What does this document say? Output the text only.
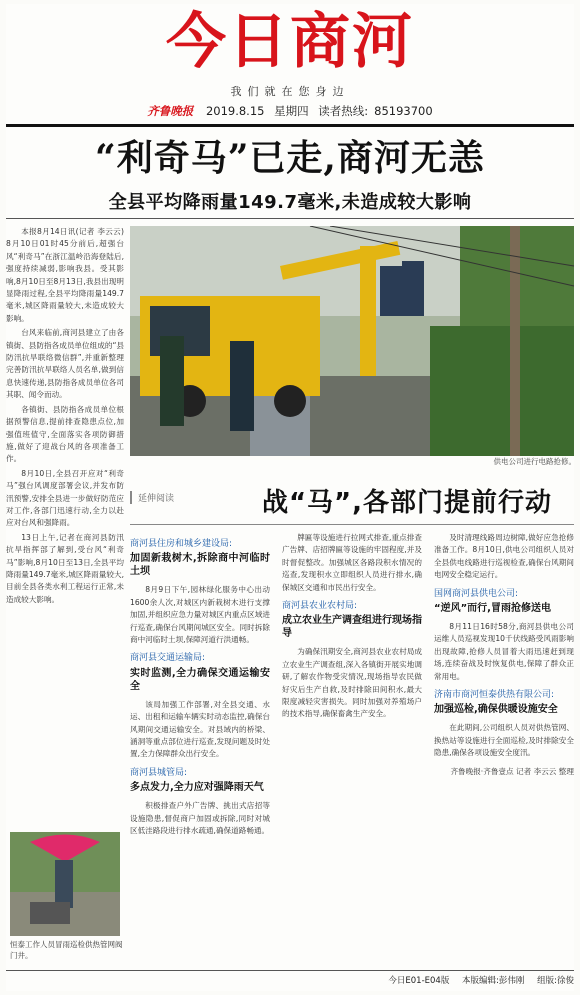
今日商河
我们就在您身边
齐鲁晚报 2019.8.15 星期四 读者热线: 85193700
“利奇马”已走,商河无恙
全县平均降雨量149.7毫米,未造成较大影响

本报8月14日讯(记者 李云云) 8月10日01时45分前后,超强台风“利奇马”在浙江温岭沿海登陆后,强度持续减弱,影响我县。受其影响,8月10日至8月13日,我县出现明显降雨过程,全县平均降雨量149.7毫米,城区降雨量较大,未造成较大影响。

台风来临前,商河县建立了由各镇街、县防指各成员单位组成的“县防汛抗旱联络微信群”,并重新整理完善防汛抗旱联络人员名单,做到信息快速传递,县防指各成员单位各司其职、闻令而动。

各镇街、县防指各成员单位根据预警信息,提前排查隐患点位,加强值班值守,全面落实各项防御措施,做好了迎战台风的各项准备工作。

8月10日,全县召开应对“利奇马”强台风调度部署会议,并发布防汛预警,安排全县进一步做好防范应对工作,各部门迅速行动,全力以赴应对台风和强降雨。

13日上午,记者在商河县防汛抗旱指挥部了解到,受台风“利奇马”影响,8月10日至13日,全县平均降雨量149.7毫米,城区降雨量较大,目前全县各类水利工程运行正常,未造成较大影响。

供电公司进行电路抢修。
延伸阅读	战“马”,各部门提前行动

商河县住房和城乡建设局:

加固新栽树木,拆除商中河临时土坝

8月9日下午,园林绿化服务中心出动1600余人次,对城区内新栽树木进行支撑加固,并组织应急力量对城区内重点区域进行巡查,确保台风期间城区安全。同时拆除商中河临时土坝,保障河道行洪通畅。

商河县交通运输局:

实时监测,全力确保交通运输安全

该局加强工作部署,对全县交通、水运、出租和运输车辆实时动态监控,确保台风期间交通运输安全。对县域内的桥梁、涵洞等重点部位进行巡查,发现问题及时处置,全力保障群众出行安全。

商河县城管局:

多点发力,全力应对强降雨天气

积极排查户外广告牌、挑出式店招等设施隐患,督促商户加固或拆除,同时对城区低洼路段进行排水疏通,确保道路畅通。

牌匾等设施进行拉网式排查,重点排查广告牌、店招牌匾等设施的牢固程度,并及时督促整改。加强城区各路段积水情况的巡查,发现积水立即组织人员进行排水,确保城区交通和市民出行安全。

商河县农业农村局:

成立农业生产调查组进行现场指导

为确保汛期安全,商河县农业农村局成立农业生产调查组,深入各镇街开展实地调研,了解农作物受灾情况,现场指导农民做好灾后生产自救,及时排除田间积水,最大限度减轻灾害损失。同时加强对养殖场户的技术指导,确保畜禽生产安全。

及时清理线路周边树障,做好应急抢修准备工作。8月10日,供电公司组织人员对全县供电线路进行巡视检查,确保台风期间电网安全稳定运行。

国网商河县供电公司:

“逆风”而行,冒雨抢修送电

8月11日16时58分,商河县供电公司运维人员巡视发现10千伏线路受风雨影响出现故障,抢修人员冒着大雨迅速赶到现场,连续奋战及时恢复供电,保障了群众正常用电。

济南市商河恒泰供热有限公司:

加强巡检,确保供暖设施安全

在此期间,公司组织人员对供热管网、换热站等设施进行全面巡检,及时排除安全隐患,确保各项设施安全度汛。

齐鲁晚报·齐鲁壹点 记者 李云云 整理

恒泰工作人员冒雨巡检供热管网阀门井。
今日E01-E04版 本版编辑:彭伟刚 组版:徐俊
